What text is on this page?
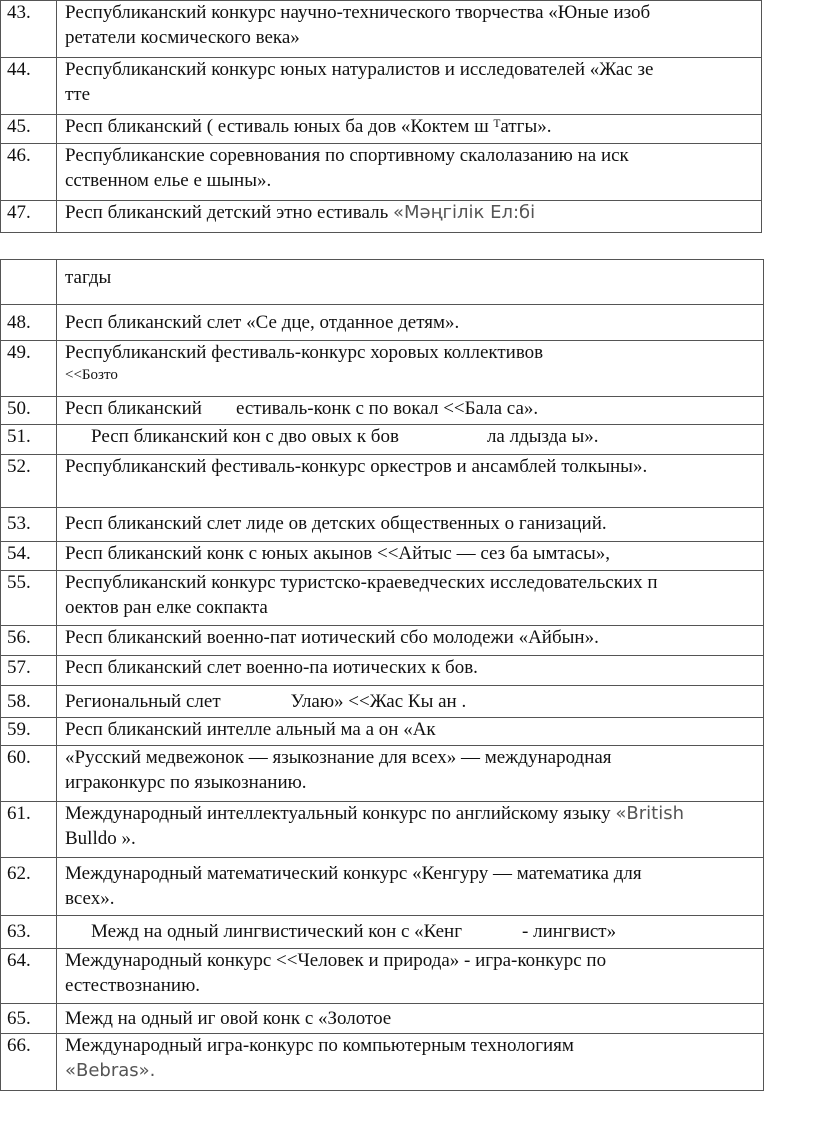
43.	Республиканский конкурс научно-технического творчества «Юные изоб
ретатели космического века»
44.	Республиканский конкурс юных натуралистов и исследователей «Жас зе
тте
45.	Респ бликанский ( естиваль юных ба дов «Коктем ш ᵀатᴦы».
46.	Республиканские соревнования по спортивному скалолазанию на иск
сственном елье е шыны».
47.	Респ бликанский детский этно естиваль «Мәңгілік Ел:бі
	тагды
48.	Респ бликанский слет «Се дце, отданное детям».
49.	Республиканский фестиваль-конкурс хоровых коллективов
<<Бозто

50.	Респ бликанский естиваль-конк с по вокал <<Бала са».
51.	Респ бликанский кон с дво овых к бов ла лдызда ы».
52.	Республиканский фестиваль-конкурс оркестров и ансамблей толкыны».
53.	Респ бликанский слет лиде ов детских общественных о ганизаций.
54.	Респ бликанский конк с юных акынов <<Айтыс — сез ба ымтасы»,
55.	Республиканский конкурс туристско-краеведческих исследовательских п
оектов ран елке сокпакта
56.	Респ бликанский военно-пат иотический сбо молодежи «Айбын».
57.	Респ бликанский слет военно-па иотических к бов.
58.	Региональный слет Улаю» <<Жас Кы ан .
59.	Респ бликанский интелле альный ма а он «Ак
60.	«Русский медвежонок — языкознание для всех» — международная
играконкурс по языкознанию.
61.	Международный интеллектуальный конкурс по английскому языку «British
Bulldo ».
62.	Международный математический конкурс «Кенгуру — математика для
всех».
63.	Межд на одный лингвистический кон с «Кенг - лингвист»
64.	Международный конкурс <<Человек и природа» - игра-конкурс по
естествознанию.
65.	Межд на одный иг овой конк с «Золотое
66.	Международный игра-конкурс по компьютерным технологиям
«Bebras».
